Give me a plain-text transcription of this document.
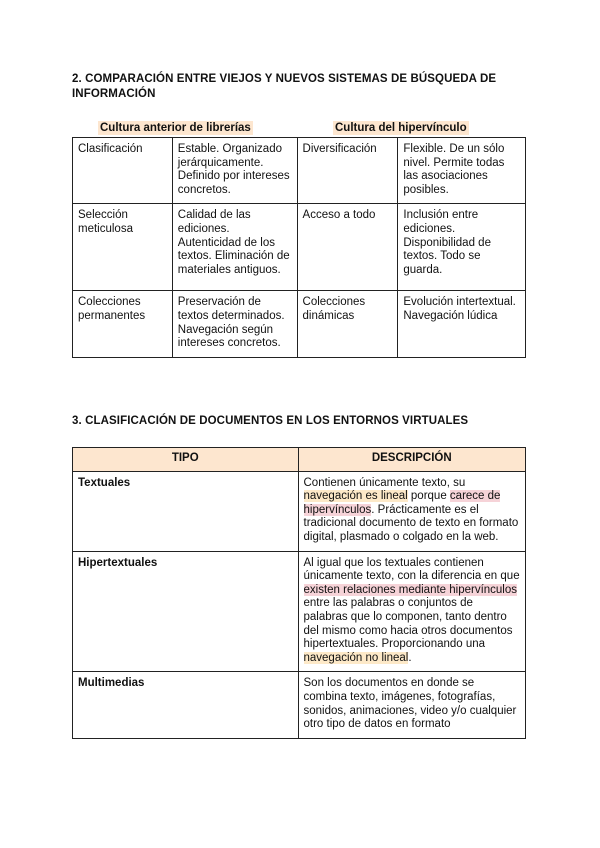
2. COMPARACIÓN ENTRE VIEJOS Y NUEVOS SISTEMAS DE BÚSQUEDA DE INFORMACIÓN
Cultura anterior de librerías	Cultura del hipervínculo
Clasificación	Estable. Organizado jerárquicamente. Definido por intereses concretos.	Diversificación	Flexible. De un sólo nivel. Permite todas las asociaciones posibles.
Selección meticulosa	Calidad de las ediciones. Autenticidad de los textos. Eliminación de materiales antiguos.	Acceso a todo	Inclusión entre ediciones. Disponibilidad de textos. Todo se guarda.
Colecciones permanentes	Preservación de textos determinados. Navegación según intereses concretos.	Colecciones dinámicas	Evolución intertextual. Navegación lúdica
3. CLASIFICACIÓN DE DOCUMENTOS EN LOS ENTORNOS VIRTUALES
TIPO	DESCRIPCIÓN
Textuales	Contienen únicamente texto, su navegación es lineal porque carece de hipervínculos. Prácticamente es el tradicional documento de texto en formato digital, plasmado o colgado en la web.
Hipertextuales	Al igual que los textuales contienen únicamente texto, con la diferencia en que existen relaciones mediante hipervínculos entre las palabras o conjuntos de palabras que lo componen, tanto dentro del mismo como hacia otros documentos hipertextuales. Proporcionando una navegación no lineal.
Multimedias	Son los documentos en donde se combina texto, imágenes, fotografías, sonidos, animaciones, video y/o cualquier otro tipo de datos en formato
